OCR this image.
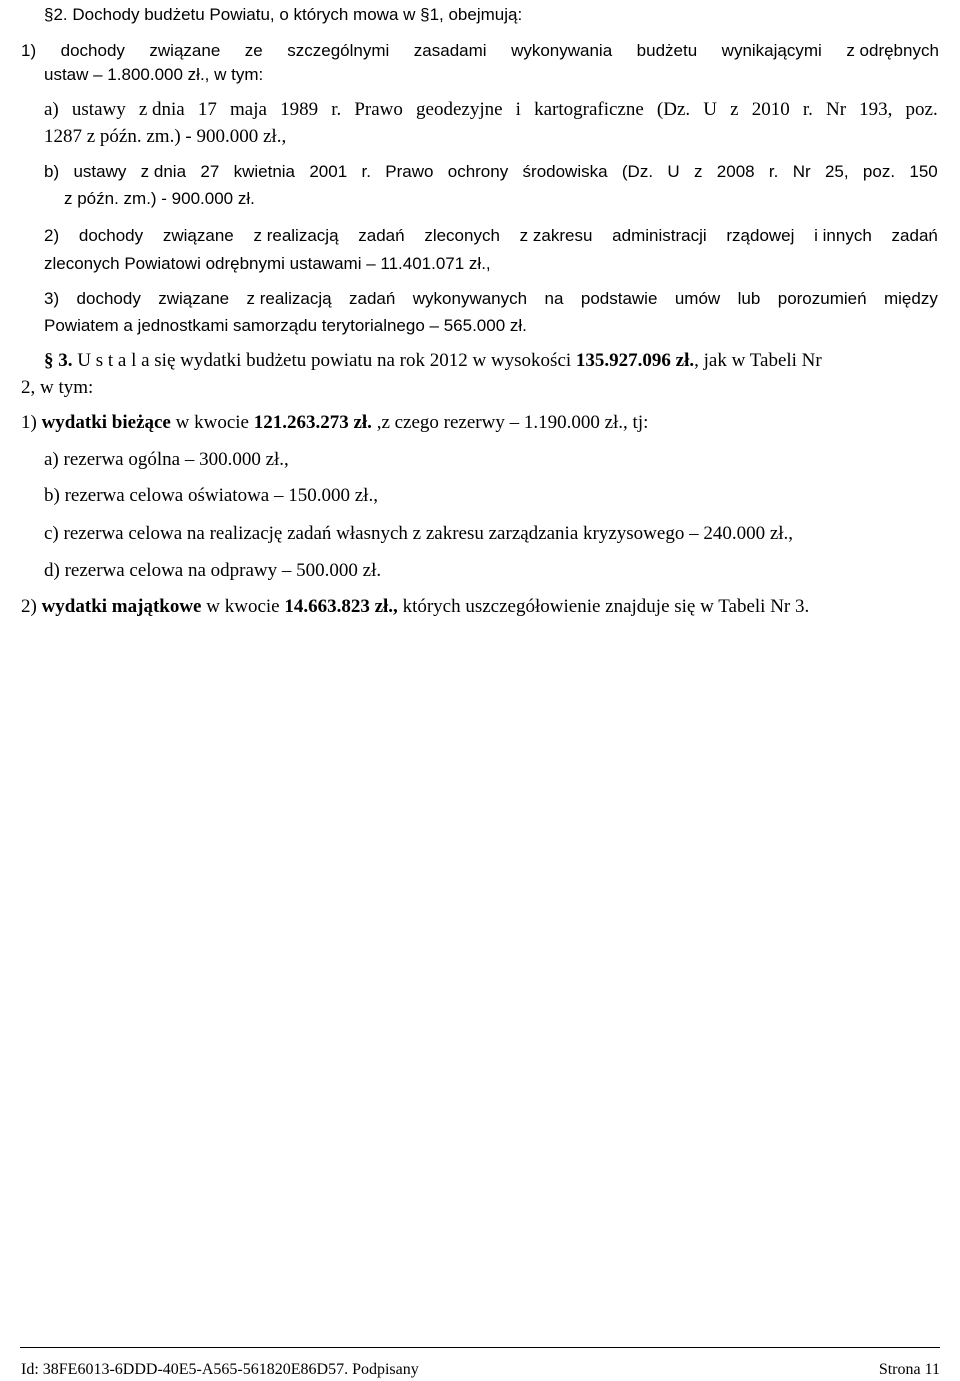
§2. Dochody budżetu Powiatu, o których mowa w §1, obejmują:
1) dochody związane ze szczególnymi zasadami wykonywania budżetu wynikającymi z odrębnych
ustaw – 1.800.000 zł., w tym:
a) ustawy z dnia 17 maja 1989 r. Prawo geodezyjne i kartograficzne (Dz. U z 2010 r. Nr 193, poz.
1287 z późn. zm.) - 900.000 zł.,
b) ustawy z dnia 27 kwietnia 2001 r. Prawo ochrony środowiska (Dz. U z 2008 r. Nr 25, poz. 150
z późn. zm.) - 900.000 zł.
2) dochody związane z realizacją zadań zleconych z zakresu administracji rządowej i innych zadań
zleconych Powiatowi odrębnymi ustawami – 11.401.071 zł.,
3) dochody związane z realizacją zadań wykonywanych na podstawie umów lub porozumień między
Powiatem a jednostkami samorządu terytorialnego – 565.000 zł.
§ 3. U s t a l a się wydatki budżetu powiatu na rok 2012 w wysokości 135.927.096 zł., jak w Tabeli Nr
2, w tym:
1) wydatki bieżące w kwocie 121.263.273 zł. ,z czego rezerwy – 1.190.000 zł., tj:
a) rezerwa ogólna – 300.000 zł.,
b) rezerwa celowa oświatowa – 150.000 zł.,
c) rezerwa celowa na realizację zadań własnych z zakresu zarządzania kryzysowego – 240.000 zł.,
d) rezerwa celowa na odprawy – 500.000 zł.
2) wydatki majątkowe w kwocie 14.663.823 zł., których uszczegółowienie znajduje się w Tabeli Nr 3.
Id: 38FE6013-6DDD-40E5-A565-561820E86D57. Podpisany	Strona 11
